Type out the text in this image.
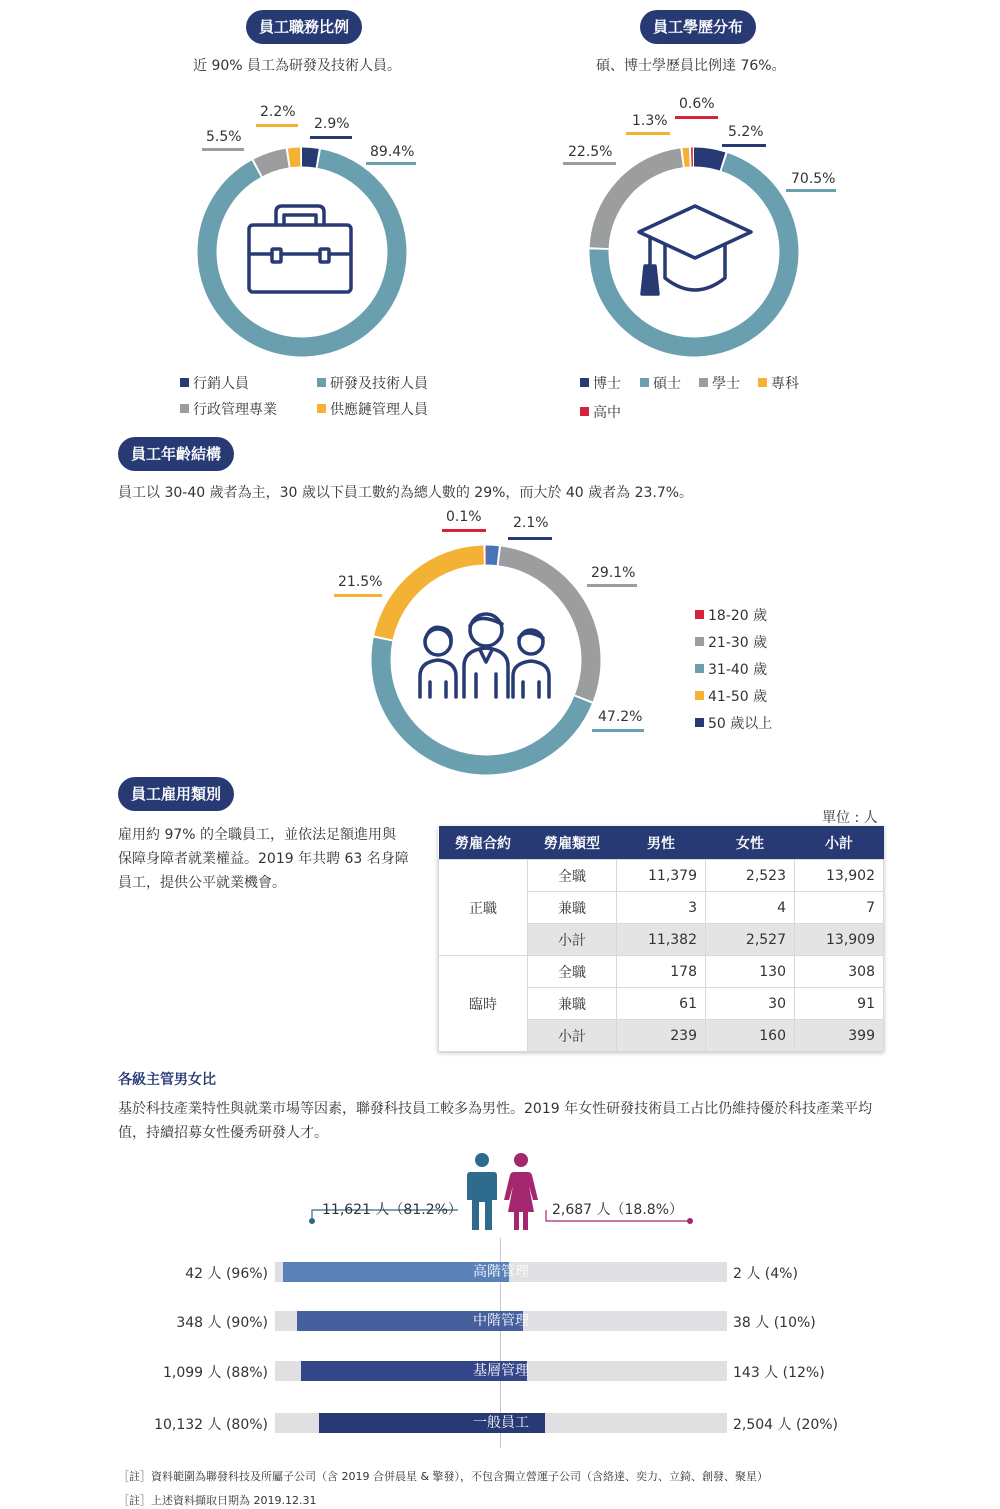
員工職務比例
近 90% 員工為研發及技術人員。
5.5%
2.2%
2.9%
89.4%
行銷人員	研發及技術人員
行政管理專業	供應鏈管理人員
員工學歷分布
碩、博士學歷員比例達 76%。
22.5%
1.3%
0.6%
5.2%
70.5%
博士	碩士	學士	專科
高中
員工年齡結構
員工以 30-40 歲者為主，30 歲以下員工數約為總人數的 29%，而大於 40 歲者為 23.7%。
21.5%
0.1% 2.1%
29.1%
47.2%
18-20 歲
21-30 歲
31-40 歲
41-50 歲
50 歲以上
員工雇用類別
雇用約 97% 的全職員工，並依法足額進用與保障身障者就業權益。2019 年共聘 63 名身障員工，提供公平就業機會。
單位 : 人
勞雇合約	勞雇類型	男性	女性	小計
正職	全職	11,379	2,523	13,902
	兼職	3	4	7
	小計	11,382	2,527	13,909
臨時	全職	178	130	308
	兼職	61	30	91
	小計	239	160	399
各級主管男女比
基於科技產業特性與就業市場等因素，聯發科技員工較多為男性。2019 年女性研發技術員工占比仍維持優於科技產業平均值，持續招募女性優秀研發人才。
11,621 人（81.2%）	2,687 人（18.8%）
高階管理
42 人 (96%)	2 人 (4%)
中階管理
348 人 (90%)	38 人 (10%)
基層管理
1,099 人 (88%)	143 人 (12%)
一般員工
10,132 人 (80%)	2,504 人 (20%)
［註］資料範圍為聯發科技及所屬子公司（含 2019 合併晨星 & 擎發），不包含獨立營運子公司（含絡達、奕力、立錡、創發、聚星）
［註］上述資料擷取日期為 2019.12.31
